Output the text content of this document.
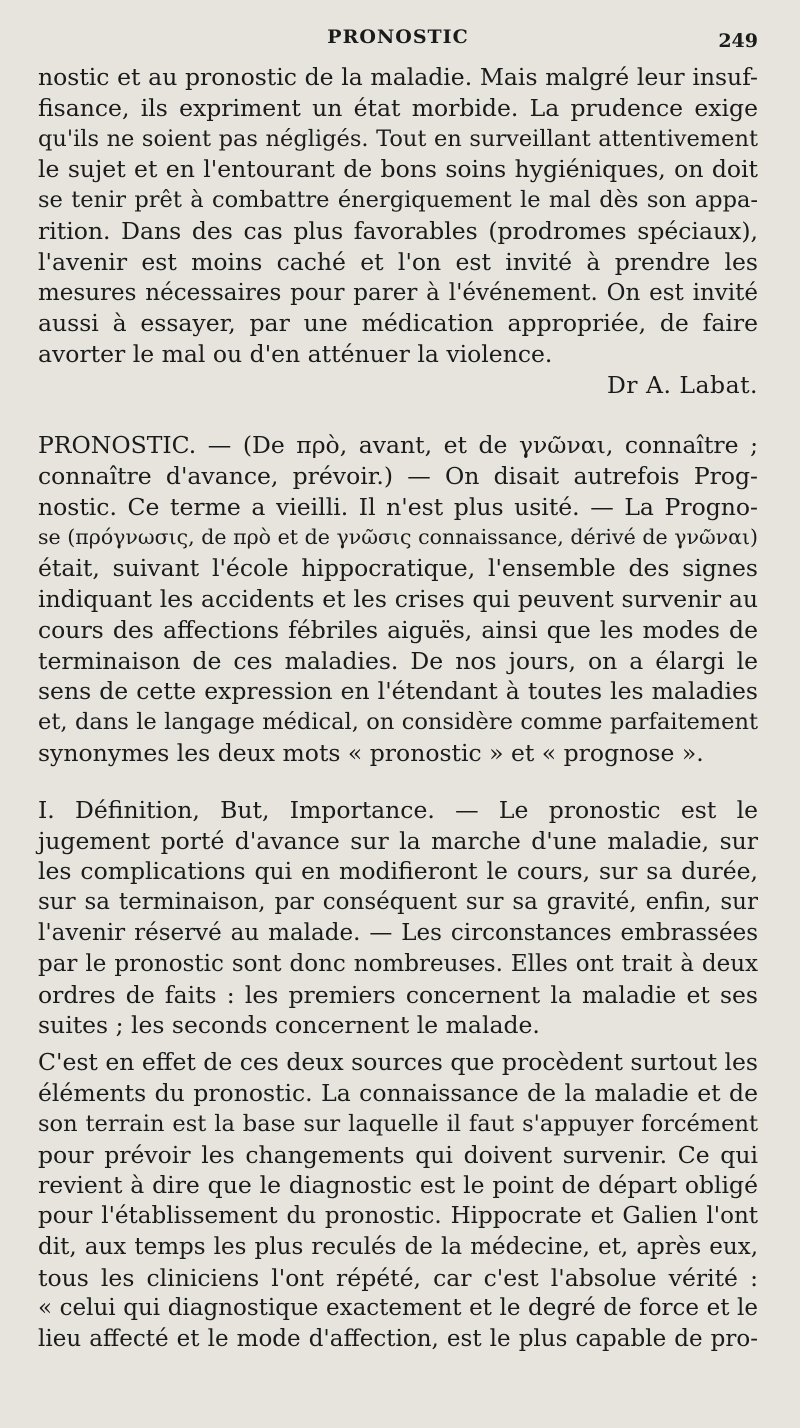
PRONOSTIC	249
nostic et au pronostic de la maladie. Mais malgré leur insuf-
fisance, ils expriment un état morbide. La prudence exige
qu'ils ne soient pas négligés. Tout en surveillant attentivement
le sujet et en l'entourant de bons soins hygiéniques, on doit
se tenir prêt à combattre énergiquement le mal dès son appa-
rition. Dans des cas plus favorables (prodromes spéciaux),
l'avenir est moins caché et l'on est invité à prendre les
mesures nécessaires pour parer à l'événement. On est invité
aussi à essayer, par une médication appropriée, de faire
avorter le mal ou d'en atténuer la violence.
Dr A. Labat.
PRONOSTIC. — (De πρὸ, avant, et de γνῶναι, connaître ;
connaître d'avance, prévoir.) — On disait autrefois Prog-
nostic. Ce terme a vieilli. Il n'est plus usité. — La Progno-
se (πρόγνωσις, de πρὸ et de γνῶσις connaissance, dérivé de γνῶναι)
était, suivant l'école hippocratique, l'ensemble des signes
indiquant les accidents et les crises qui peuvent survenir au
cours des affections fébriles aiguës, ainsi que les modes de
terminaison de ces maladies. De nos jours, on a élargi le
sens de cette expression en l'étendant à toutes les maladies
et, dans le langage médical, on considère comme parfaitement
synonymes les deux mots « pronostic » et « prognose ».
I. Définition, But, Importance. — Le pronostic est le
jugement porté d'avance sur la marche d'une maladie, sur
les complications qui en modifieront le cours, sur sa durée,
sur sa terminaison, par conséquent sur sa gravité, enfin, sur
l'avenir réservé au malade. — Les circonstances embrassées
par le pronostic sont donc nombreuses. Elles ont trait à deux
ordres de faits : les premiers concernent la maladie et ses
suites ; les seconds concernent le malade.
C'est en effet de ces deux sources que procèdent surtout les
éléments du pronostic. La connaissance de la maladie et de
son terrain est la base sur laquelle il faut s'appuyer forcément
pour prévoir les changements qui doivent survenir. Ce qui
revient à dire que le diagnostic est le point de départ obligé
pour l'établissement du pronostic. Hippocrate et Galien l'ont
dit, aux temps les plus reculés de la médecine, et, après eux,
tous les cliniciens l'ont répété, car c'est l'absolue vérité :
« celui qui diagnostique exactement et le degré de force et le
lieu affecté et le mode d'affection, est le plus capable de pro-
